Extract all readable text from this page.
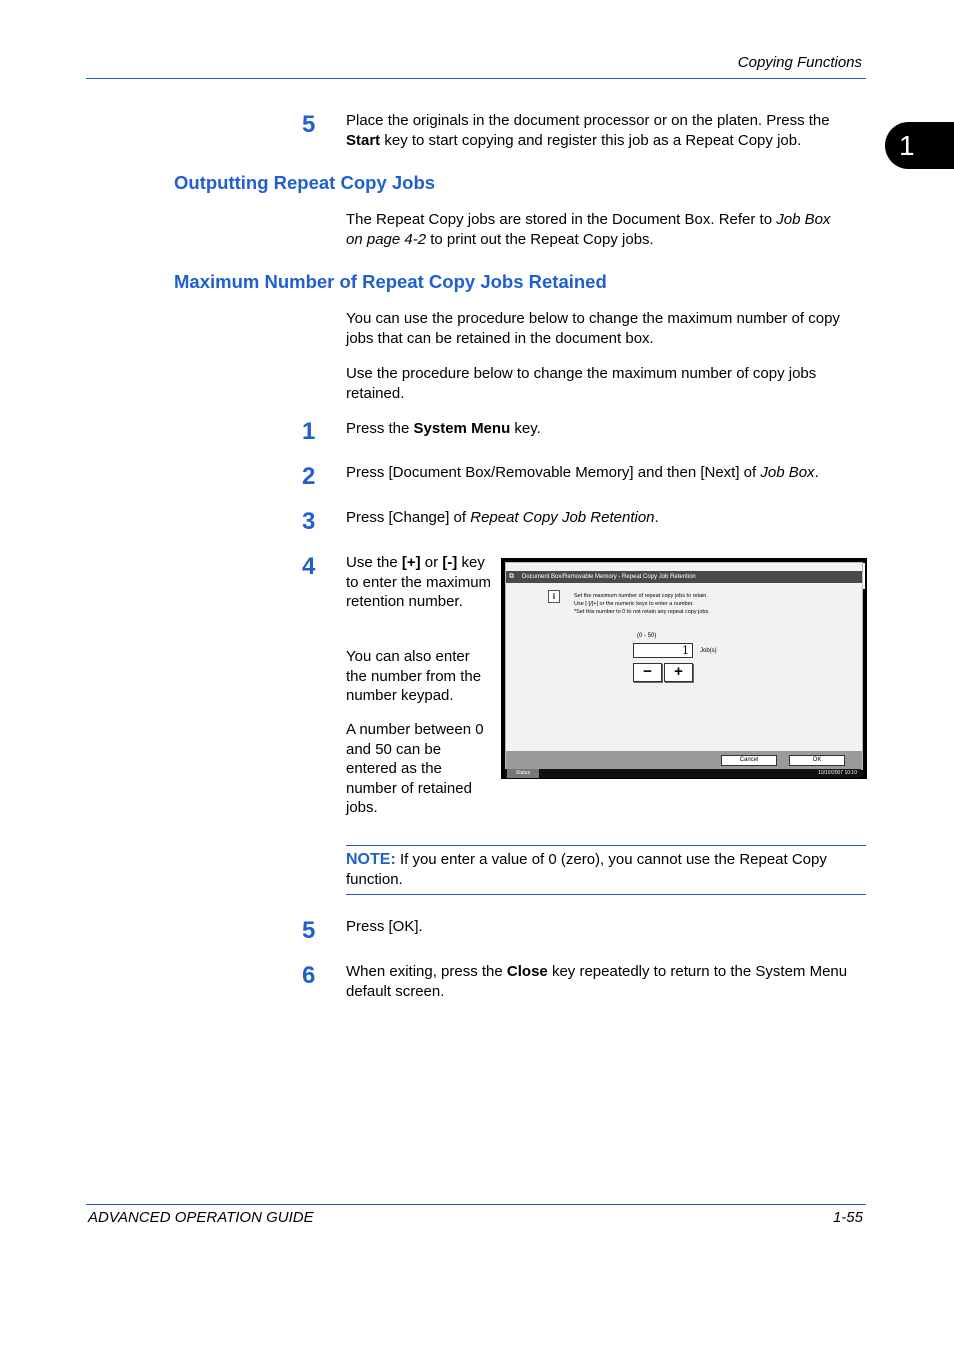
Copying Functions
1
5	Place the originals in the document processor or on the platen. Press the Start key to start copying and register this job as a Repeat Copy job.
Outputting Repeat Copy Jobs
The Repeat Copy jobs are stored in the Document Box. Refer to Job Box on page 4-2 to print out the Repeat Copy jobs.
Maximum Number of Repeat Copy Jobs Retained
You can use the procedure below to change the maximum number of copy jobs that can be retained in the document box.
Use the procedure below to change the maximum number of copy jobs retained.
1	Press the System Menu key.
2	Press [Document Box/Removable Memory] and then [Next] of Job Box.
3	Press [Change] of Repeat Copy Job Retention.
4	Use the [+] or [-] key to enter the maximum retention number.
You can also enter the number from the number keypad.
A number between 0 and 50 can be entered as the number of retained jobs.
⧉ Document Box/Removable Memory - Repeat Copy Job Retention
i	Set the maximum number of repeat copy jobs to retain.
Use [-]/[+] or the numeric keys to enter a number.
*Set this number to 0 to not retain any repeat copy jobs.
(0 - 50)
1	Job(s)
−	+
Cancel	OK
Status	10/10/2007 10:10
NOTE: If you enter a value of 0 (zero), you cannot use the Repeat Copy function.
5	Press [OK].
6	When exiting, press the Close key repeatedly to return to the System Menu default screen.
ADVANCED OPERATION GUIDE	1-55
